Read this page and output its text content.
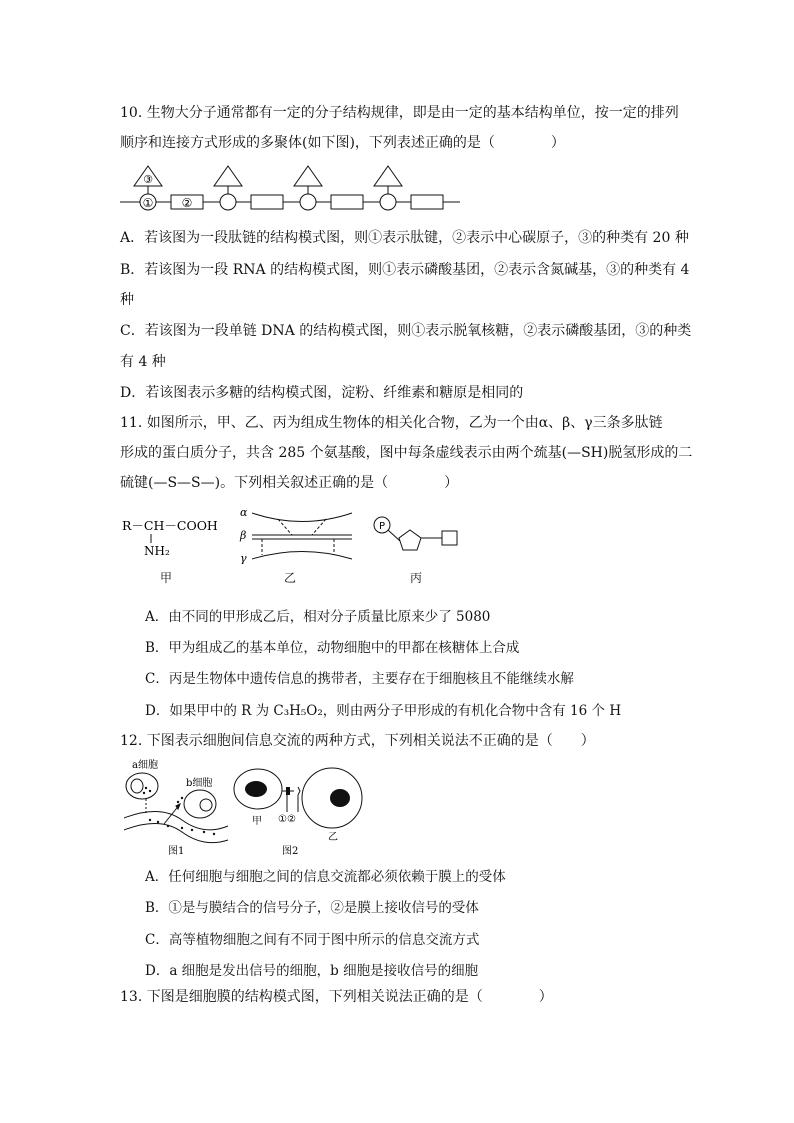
10. 生物大分子通常都有一定的分子结构规律，即是由一定的基本结构单位，按一定的排列
顺序和连接方式形成的多聚体(如下图)，下列表述正确的是（　　　　）
③
① ②
A．若该图为一段肽链的结构模式图，则①表示肽键，②表示中心碳原子，③的种类有 20 种
B．若该图为一段 RNA 的结构模式图，则①表示磷酸基团，②表示含氮碱基，③的种类有 4
种
C．若该图为一段单链 DNA 的结构模式图，则①表示脱氧核糖，②表示磷酸基团，③的种类
有 4 种
D．若该图表示多糖的结构模式图，淀粉、纤维素和糖原是相同的
11. 如图所示，甲、乙、丙为组成生物体的相关化合物，乙为一个由α、β、γ三条多肽链
形成的蛋白质分子，共含 285 个氨基酸，图中每条虚线表示由两个巯基(—SH)脱氢形成的二
硫键(—S—S—)。下列相关叙述正确的是（　　　　）
R－CH－COOH
NH₂
α
β
γ
P
甲	乙	丙
A．由不同的甲形成乙后，相对分子质量比原来少了 5080
B．甲为组成乙的基本单位，动物细胞中的甲都在核糖体上合成
C．丙是生物体中遗传信息的携带者，主要存在于细胞核且不能继续水解
D．如果甲中的 R 为 C₃H₅O₂，则由两分子甲形成的有机化合物中含有 16 个 H
12. 下图表示细胞间信息交流的两种方式，下列相关说法不正确的是（　　）
a细胞
b细胞
图1
甲 ①②
乙
图2
A．任何细胞与细胞之间的信息交流都必须依赖于膜上的受体
B．①是与膜结合的信号分子，②是膜上接收信号的受体
C．高等植物细胞之间有不同于图中所示的信息交流方式
D．a 细胞是发出信号的细胞，b 细胞是接收信号的细胞
13. 下图是细胞膜的结构模式图，下列相关说法正确的是（　　　　）
